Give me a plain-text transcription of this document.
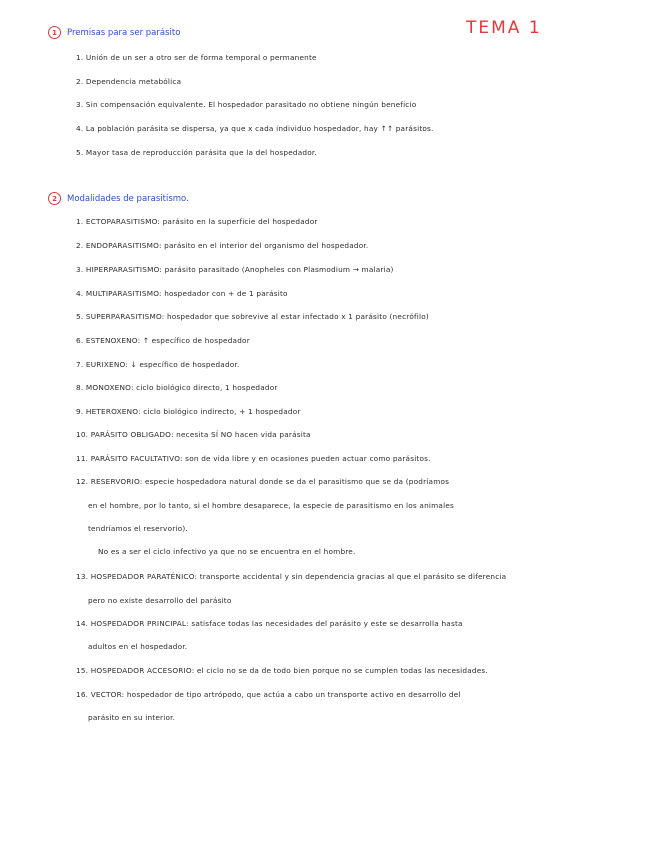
TEMA 1
1	Premisas para ser parásito
1. Unión de un ser a otro ser de forma temporal o permanente
2. Dependencia metabólica
3. Sin compensación equivalente. El hospedador parasitado no obtiene ningún beneficio
4. La población parásita se dispersa, ya que x cada individuo hospedador, hay ↑↑ parásitos.
5. Mayor tasa de reproducción parásita que la del hospedador.
2	Modalidades de parasitismo.
1. ECTOPARASITISMO: parásito en la superficie del hospedador
2. ENDOPARASITISMO: parásito en el interior del organismo del hospedador.
3. HIPERPARASITISMO: parásito parasitado (Anopheles con Plasmodium → malaria)
4. MULTIPARASITISMO: hospedador con + de 1 parásito
5. SUPERPARASITISMO: hospedador que sobrevive al estar infectado x 1 parásito (necrófilo)
6. ESTENOXENO: ↑ específico de hospedador
7. EURIXENO: ↓ específico de hospedador.
8. MONOXENO: ciclo biológico directo, 1 hospedador
9. HETEROXENO: ciclo biológico indirecto, + 1 hospedador
10. PARÁSITO OBLIGADO: necesita SÍ NO hacen vida parásita
11. PARÁSITO FACULTATIVO: son de vida libre y en ocasiones pueden actuar como parásitos.
12. RESERVORIO: especie hospedadora natural donde se da el parasitismo que se da (podríamos
en el hombre, por lo tanto, si el hombre desaparece, la especie de parasitismo en los animales
tendríamos el reservorio).
No es a ser el ciclo infectivo ya que no se encuentra en el hombre.
13. HOSPEDADOR PARATÉNICO: transporte accidental y sin dependencia gracias al que el parásito se diferencia
pero no existe desarrollo del parásito
14. HOSPEDADOR PRINCIPAL: satisface todas las necesidades del parásito y este se desarrolla hasta
adultos en el hospedador.
15. HOSPEDADOR ACCESORIO: el ciclo no se da de todo bien porque no se cumplen todas las necesidades.
16. VECTOR: hospedador de tipo artrópodo, que actúa a cabo un transporte activo en desarrollo del
parásito en su interior.
